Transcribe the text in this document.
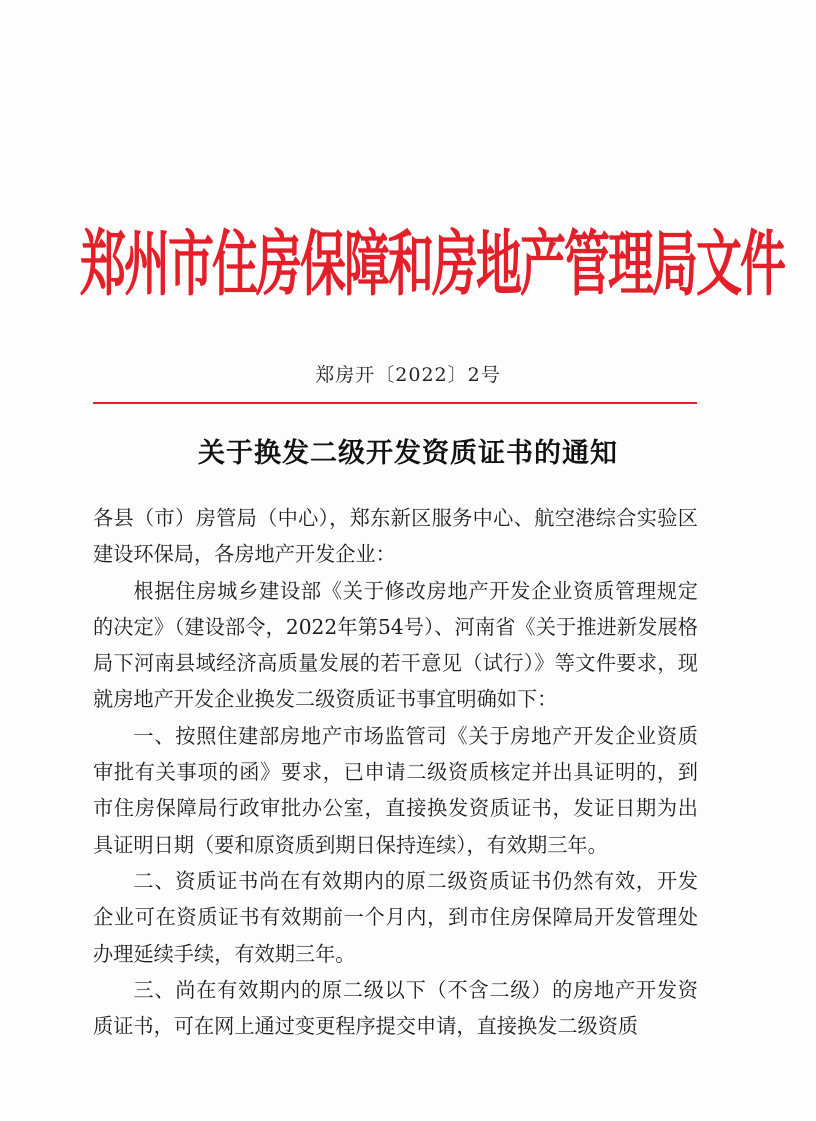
郑州市住房保障和房地产管理局文件
郑房开〔2022〕2号
关于换发二级开发资质证书的通知

各县（市）房管局（中心），郑东新区服务中心、航空港综合实验区建设环保局，各房地产开发企业：

根据住房城乡建设部《关于修改房地产开发企业资质管理规定的决定》（建设部令，2022年第54号）、河南省《关于推进新发展格局下河南县域经济高质量发展的若干意见（试行）》等文件要求，现就房地产开发企业换发二级资质证书事宜明确如下：

一、按照住建部房地产市场监管司《关于房地产开发企业资质审批有关事项的函》要求，已申请二级资质核定并出具证明的，到市住房保障局行政审批办公室，直接换发资质证书，发证日期为出具证明日期（要和原资质到期日保持连续），有效期三年。

二、资质证书尚在有效期内的原二级资质证书仍然有效，开发企业可在资质证书有效期前一个月内，到市住房保障局开发管理处办理延续手续，有效期三年。

三、尚在有效期内的原二级以下（不含二级）的房地产开发资质证书，可在网上通过变更程序提交申请，直接换发二级资质
